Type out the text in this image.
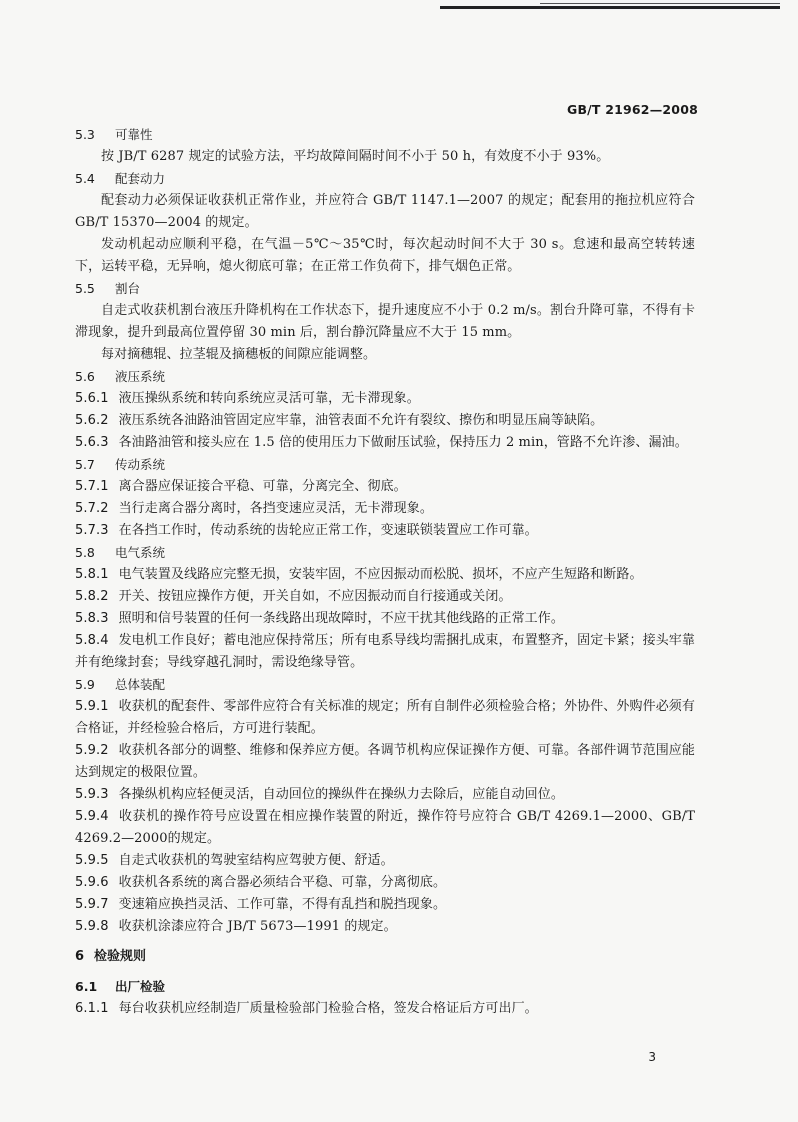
GB/T 21962—2008
5.3 可靠性
按 JB/T 6287 规定的试验方法，平均故障间隔时间不小于 50 h，有效度不小于 93%。
5.4 配套动力
配套动力必须保证收获机正常作业，并应符合 GB/T 1147.1—2007 的规定；配套用的拖拉机应符合 GB/T 15370—2004 的规定。
发动机起动应顺利平稳，在气温－5℃～35℃时，每次起动时间不大于 30 s。怠速和最高空转转速下，运转平稳，无异响，熄火彻底可靠；在正常工作负荷下，排气烟色正常。
5.5 割台
自走式收获机割台液压升降机构在工作状态下，提升速度应不小于 0.2 m/s。割台升降可靠，不得有卡滞现象，提升到最高位置停留 30 min 后，割台静沉降量应不大于 15 mm。
每对摘穗辊、拉茎辊及摘穗板的间隙应能调整。
5.6 液压系统
5.6.1 液压操纵系统和转向系统应灵活可靠，无卡滞现象。
5.6.2 液压系统各油路油管固定应牢靠，油管表面不允许有裂纹、擦伤和明显压扁等缺陷。
5.6.3 各油路油管和接头应在 1.5 倍的使用压力下做耐压试验，保持压力 2 min，管路不允许渗、漏油。
5.7 传动系统
5.7.1 离合器应保证接合平稳、可靠，分离完全、彻底。
5.7.2 当行走离合器分离时，各挡变速应灵活，无卡滞现象。
5.7.3 在各挡工作时，传动系统的齿轮应正常工作，变速联锁装置应工作可靠。
5.8 电气系统
5.8.1 电气装置及线路应完整无损，安装牢固，不应因振动而松脱、损坏，不应产生短路和断路。
5.8.2 开关、按钮应操作方便，开关自如，不应因振动而自行接通或关闭。
5.8.3 照明和信号装置的任何一条线路出现故障时，不应干扰其他线路的正常工作。
5.8.4 发电机工作良好；蓄电池应保持常压；所有电系导线均需捆扎成束，布置整齐，固定卡紧；接头牢靠并有绝缘封套；导线穿越孔洞时，需设绝缘导管。
5.9 总体装配
5.9.1 收获机的配套件、零部件应符合有关标准的规定；所有自制件必须检验合格；外协件、外购件必须有合格证，并经检验合格后，方可进行装配。
5.9.2 收获机各部分的调整、维修和保养应方便。各调节机构应保证操作方便、可靠。各部件调节范围应能达到规定的极限位置。
5.9.3 各操纵机构应轻便灵活，自动回位的操纵件在操纵力去除后，应能自动回位。
5.9.4 收获机的操作符号应设置在相应操作装置的附近，操作符号应符合 GB/T 4269.1—2000、GB/T 4269.2—2000的规定。
5.9.5 自走式收获机的驾驶室结构应驾驶方便、舒适。
5.9.6 收获机各系统的离合器必须结合平稳、可靠，分离彻底。
5.9.7 变速箱应换挡灵活、工作可靠，不得有乱挡和脱挡现象。
5.9.8 收获机涂漆应符合 JB/T 5673—1991 的规定。
6 检验规则
6.1 出厂检验
6.1.1 每台收获机应经制造厂质量检验部门检验合格，签发合格证后方可出厂。
3
